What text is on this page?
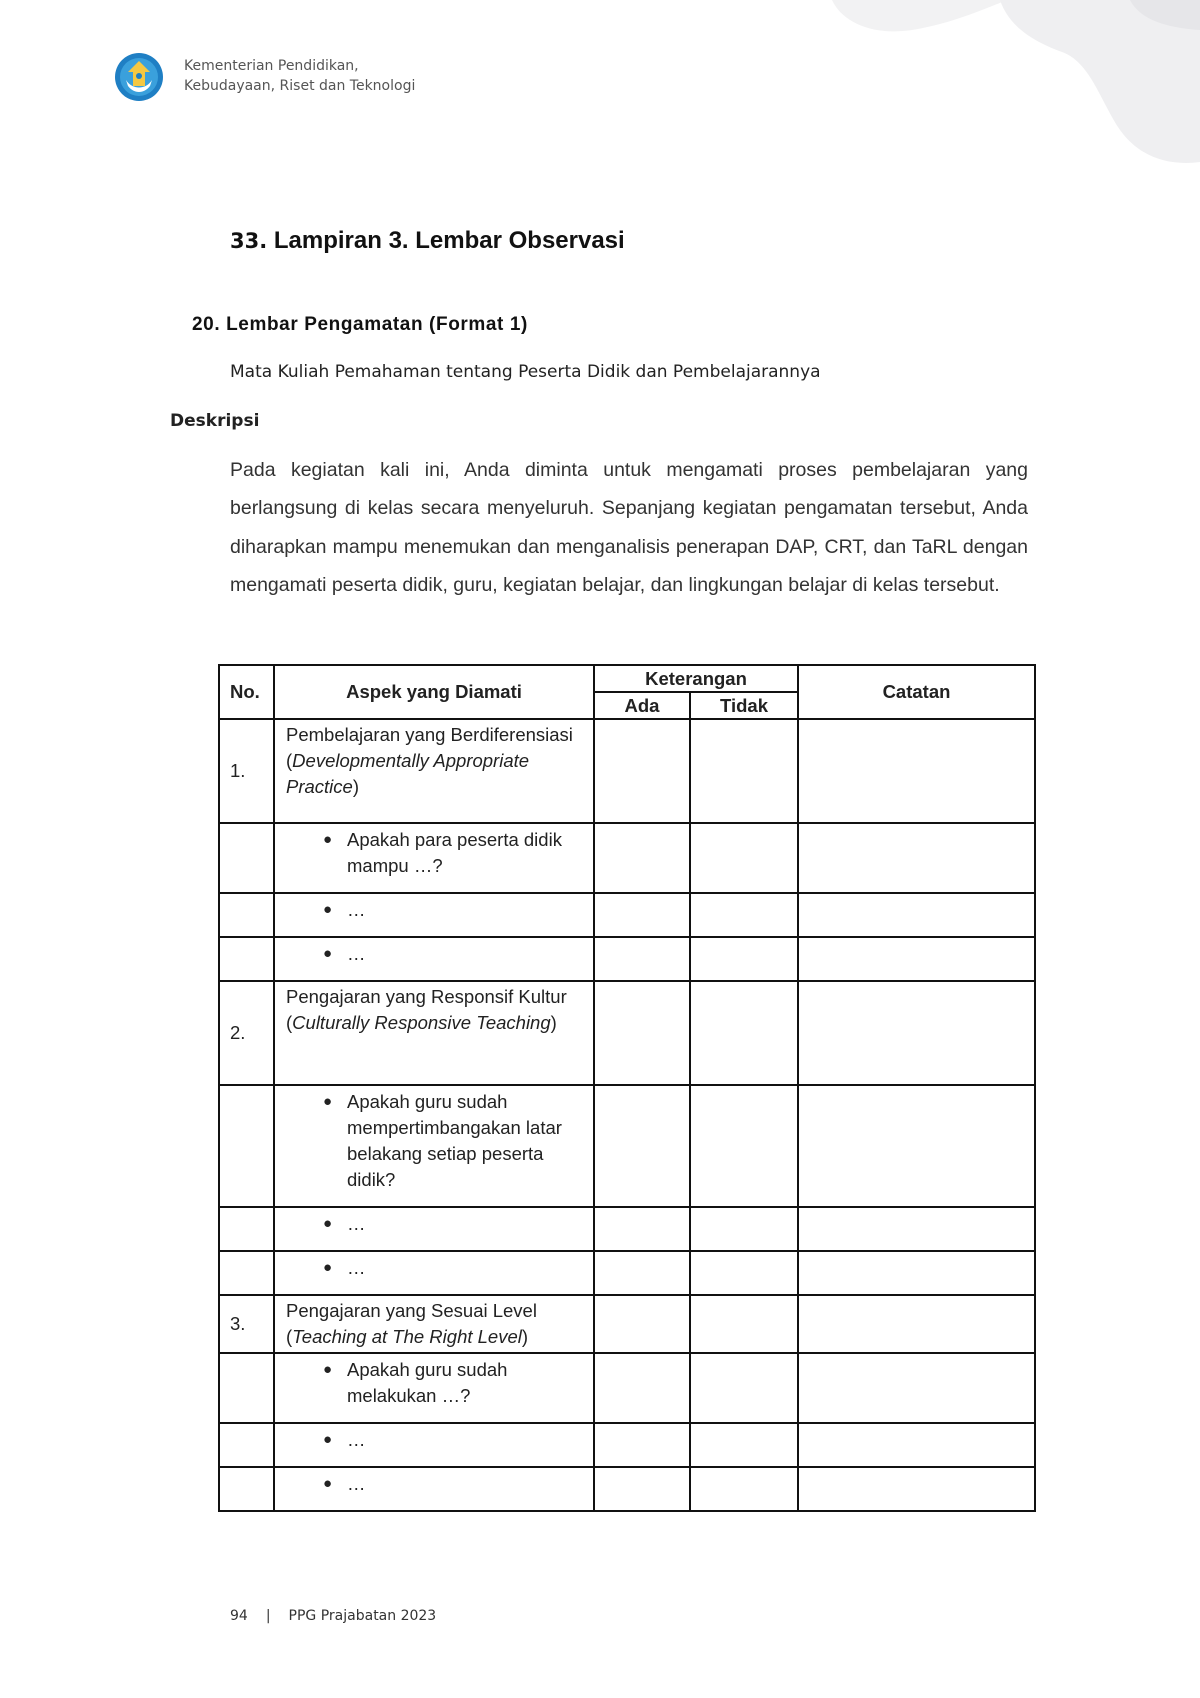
Kementerian Pendidikan,
Kebudayaan, Riset dan Teknologi
33. Lampiran 3. Lembar Observasi
20. Lembar Pengamatan (Format 1)
Mata Kuliah Pemahaman tentang Peserta Didik dan Pembelajarannya
Deskripsi

Pada kegiatan kali ini, Anda diminta untuk mengamati proses pembelajaran yang berlangsung di kelas secara menyeluruh. Sepanjang kegiatan pengamatan tersebut, Anda diharapkan mampu menemukan dan menganalisis penerapan DAP, CRT, dan TaRL dengan mengamati peserta didik, guru, kegiatan belajar, dan lingkungan belajar di kelas tersebut.

No.	Aspek yang Diamati	Keterangan		Catatan
		Ada	Tidak	
1.	Pembelajaran yang Berdiferensiasi (Developmentally Appropriate Practice)			

	● Apakah para peserta didik mampu …?			

	● …			

	● …			

2.	Pengajaran yang Responsif Kultur (Culturally Responsive Teaching)			

	● Apakah guru sudah mempertimbangakan latar belakang setiap peserta didik?			

	● …			

	● …			

3.	Pengajaran yang Sesuai Level (Teaching at The Right Level)			

	● Apakah guru sudah melakukan …?			

	● …			

	● …			

94 | PPG Prajabatan 2023
